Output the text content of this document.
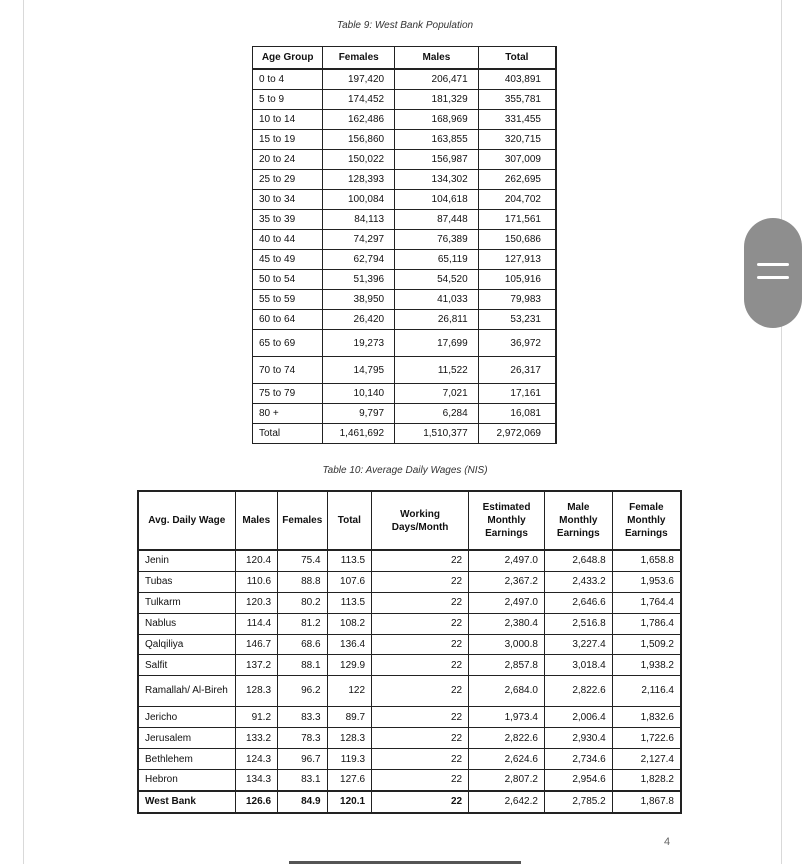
Table 9: West Bank Population
Age Group	Females	Males	Total
0 to 4	197,420	206,471	403,891
5 to 9	174,452	181,329	355,781
10 to 14	162,486	168,969	331,455
15 to 19	156,860	163,855	320,715
20 to 24	150,022	156,987	307,009
25 to 29	128,393	134,302	262,695
30 to 34	100,084	104,618	204,702
35 to 39	84,113	87,448	171,561
40 to 44	74,297	76,389	150,686
45 to 49	62,794	65,119	127,913
50 to 54	51,396	54,520	105,916
55 to 59	38,950	41,033	79,983
60 to 64	26,420	26,811	53,231
65 to 69	19,273	17,699	36,972
70 to 74	14,795	11,522	26,317
75 to 79	10,140	7,021	17,161
80 +	9,797	6,284	16,081
Total	1,461,692	1,510,377	2,972,069
Table 10: Average Daily Wages (NIS)
Avg. Daily Wage	Males	Females	Total	Working Days/Month	Estimated Monthly Earnings	Male Monthly Earnings	Female Monthly Earnings
Jenin	120.4	75.4	113.5	22	2,497.0	2,648.8	1,658.8
Tubas	110.6	88.8	107.6	22	2,367.2	2,433.2	1,953.6
Tulkarm	120.3	80.2	113.5	22	2,497.0	2,646.6	1,764.4
Nablus	114.4	81.2	108.2	22	2,380.4	2,516.8	1,786.4
Qalqiliya	146.7	68.6	136.4	22	3,000.8	3,227.4	1,509.2
Salfit	137.2	88.1	129.9	22	2,857.8	3,018.4	1,938.2
Ramallah/ Al-Bireh	128.3	96.2	122	22	2,684.0	2,822.6	2,116.4
Jericho	91.2	83.3	89.7	22	1,973.4	2,006.4	1,832.6
Jerusalem	133.2	78.3	128.3	22	2,822.6	2,930.4	1,722.6
Bethlehem	124.3	96.7	119.3	22	2,624.6	2,734.6	2,127.4
Hebron	134.3	83.1	127.6	22	2,807.2	2,954.6	1,828.2
West Bank	126.6	84.9	120.1	22	2,642.2	2,785.2	1,867.8
4
